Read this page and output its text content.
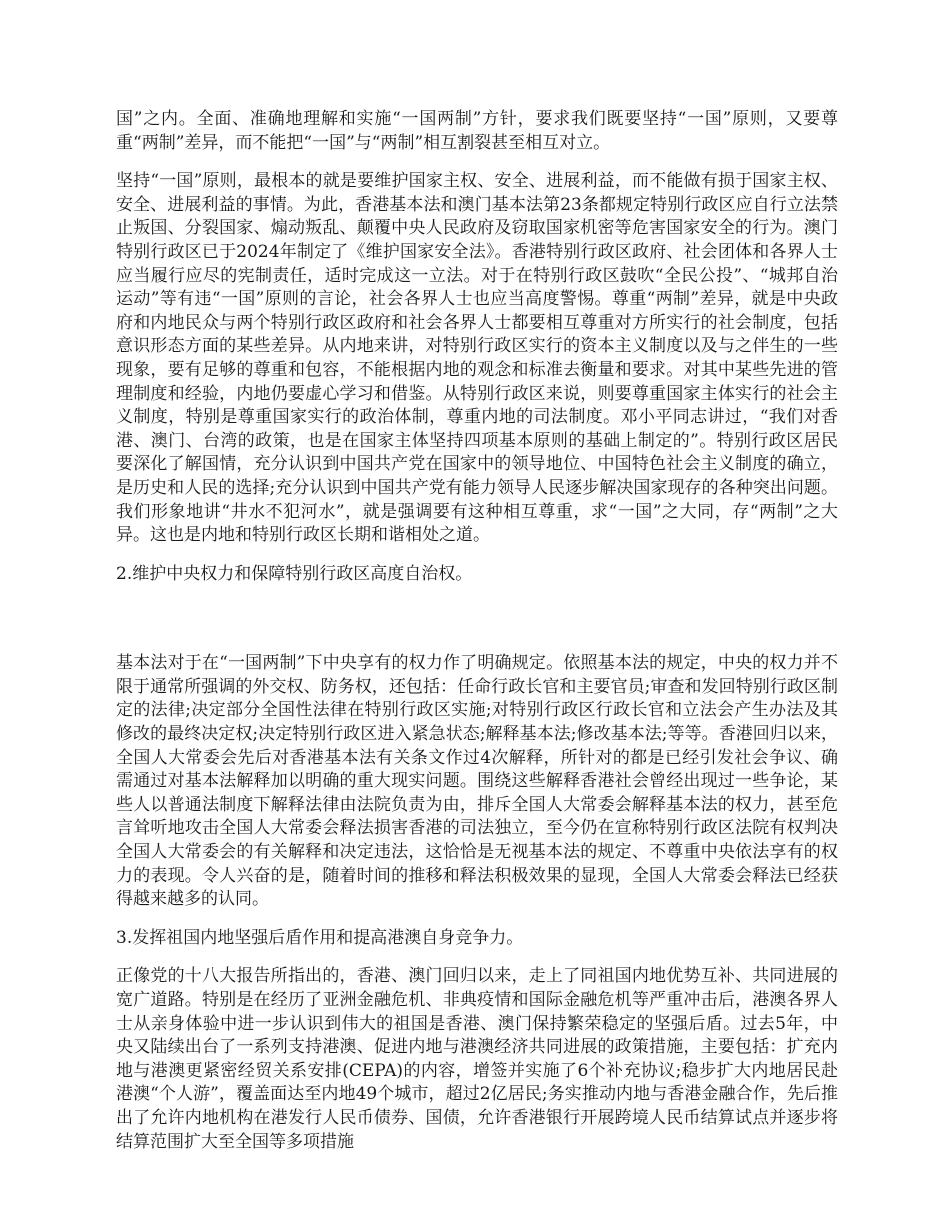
国”之内。全面、准确地理解和实施“一国两制”方针，要求我们既要坚持“一国”原则，又要尊重“两制”差异，而不能把“一国”与“两制”相互割裂甚至相互对立。

坚持“一国”原则，最根本的就是要维护国家主权、安全、进展利益，而不能做有损于国家主权、安全、进展利益的事情。为此，香港基本法和澳门基本法第23条都规定特别行政区应自行立法禁止叛国、分裂国家、煽动叛乱、颠覆中央人民政府及窃取国家机密等危害国家安全的行为。澳门特别行政区已于2024年制定了《维护国家安全法》。香港特别行政区政府、社会团体和各界人士应当履行应尽的宪制责任，适时完成这一立法。对于在特别行政区鼓吹“全民公投”、“城邦自治运动”等有违“一国”原则的言论，社会各界人士也应当高度警惕。尊重“两制”差异，就是中央政府和内地民众与两个特别行政区政府和社会各界人士都要相互尊重对方所实行的社会制度，包括意识形态方面的某些差异。从内地来讲，对特别行政区实行的资本主义制度以及与之伴生的一些现象，要有足够的尊重和包容，不能根据内地的观念和标准去衡量和要求。对其中某些先进的管理制度和经验，内地仍要虚心学习和借鉴。从特别行政区来说，则要尊重国家主体实行的社会主义制度，特别是尊重国家实行的政治体制，尊重内地的司法制度。邓小平同志讲过，“我们对香港、澳门、台湾的政策，也是在国家主体坚持四项基本原则的基础上制定的”。特别行政区居民要深化了解国情，充分认识到中国共产党在国家中的领导地位、中国特色社会主义制度的确立，是历史和人民的选择;充分认识到中国共产党有能力领导人民逐步解决国家现存的各种突出问题。我们形象地讲“井水不犯河水”，就是强调要有这种相互尊重，求“一国”之大同，存“两制”之大异。这也是内地和特别行政区长期和谐相处之道。

2.维护中央权力和保障特别行政区高度自治权。

基本法对于在“一国两制”下中央享有的权力作了明确规定。依照基本法的规定，中央的权力并不限于通常所强调的外交权、防务权，还包括：任命行政长官和主要官员;审查和发回特别行政区制定的法律;决定部分全国性法律在特别行政区实施;对特别行政区行政长官和立法会产生办法及其修改的最终决定权;决定特别行政区进入紧急状态;解释基本法;修改基本法;等等。香港回归以来，全国人大常委会先后对香港基本法有关条文作过4次解释，所针对的都是已经引发社会争议、确需通过对基本法解释加以明确的重大现实问题。围绕这些解释香港社会曾经出现过一些争论，某些人以普通法制度下解释法律由法院负责为由，排斥全国人大常委会解释基本法的权力，甚至危言耸听地攻击全国人大常委会释法损害香港的司法独立，至今仍在宣称特别行政区法院有权判决全国人大常委会的有关解释和决定违法，这恰恰是无视基本法的规定、不尊重中央依法享有的权力的表现。令人兴奋的是，随着时间的推移和释法积极效果的显现，全国人大常委会释法已经获得越来越多的认同。

3.发挥祖国内地坚强后盾作用和提高港澳自身竞争力。

正像党的十八大报告所指出的，香港、澳门回归以来，走上了同祖国内地优势互补、共同进展的宽广道路。特别是在经历了亚洲金融危机、非典疫情和国际金融危机等严重冲击后，港澳各界人士从亲身体验中进一步认识到伟大的祖国是香港、澳门保持繁荣稳定的坚强后盾。过去5年，中央又陆续出台了一系列支持港澳、促进内地与港澳经济共同进展的政策措施，主要包括：扩充内地与港澳更紧密经贸关系安排(CEPA)的内容，增签并实施了6个补充协议;稳步扩大内地居民赴港澳“个人游”，覆盖面达至内地49个城市，超过2亿居民;务实推动内地与香港金融合作，先后推出了允许内地机构在港发行人民币债券、国债，允许香港银行开展跨境人民币结算试点并逐步将结算范围扩大至全国等多项措施
